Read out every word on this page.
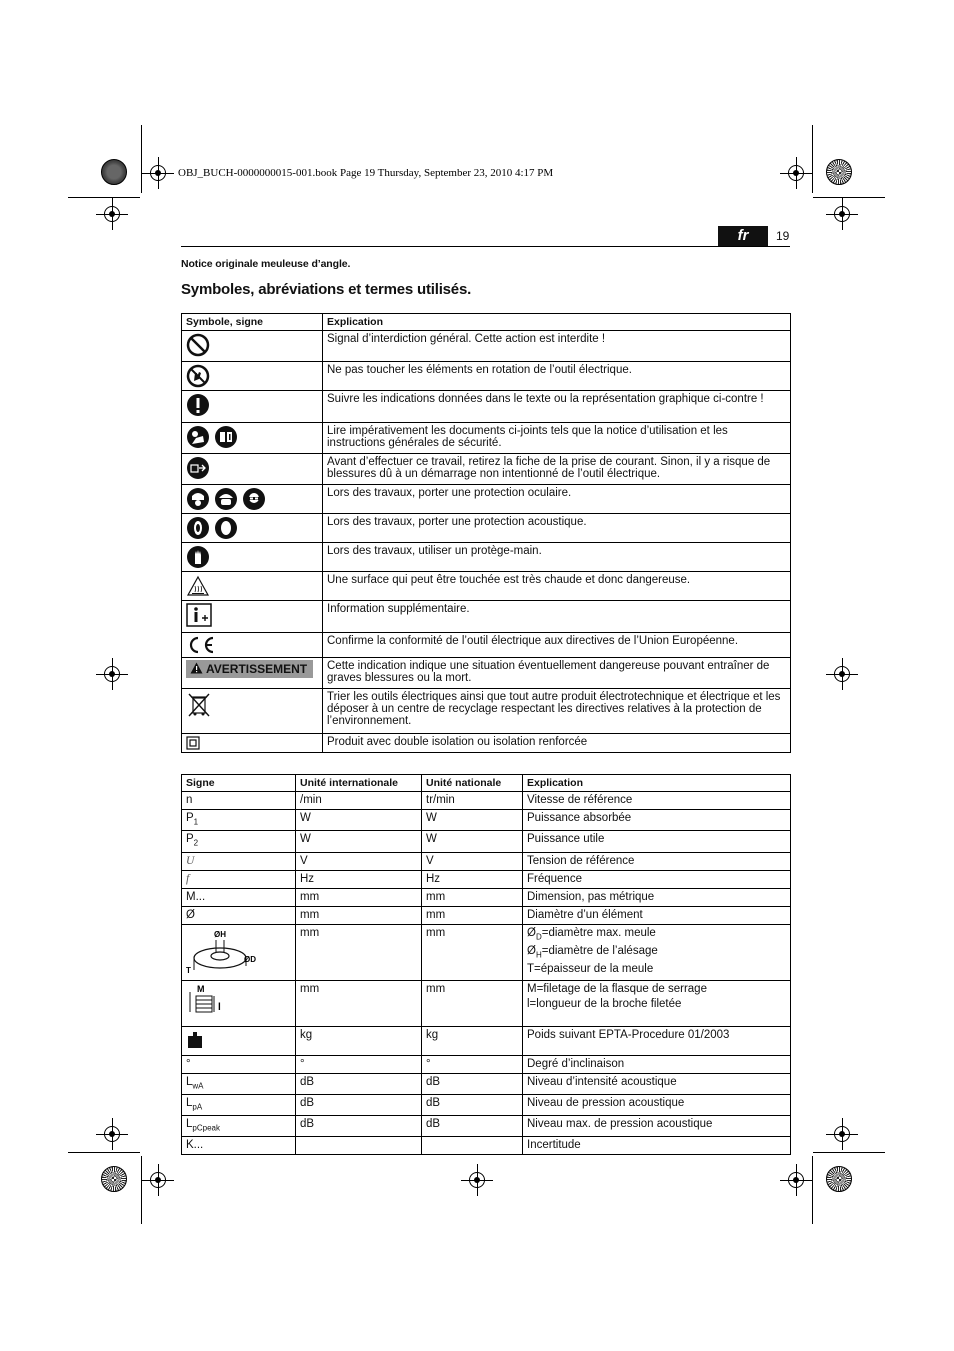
OBJ_BUCH-0000000015-001.book Page 19 Thursday, September 23, 2010 4:17 PM
fr	19
Notice originale meuleuse d’angle.
Symboles, abréviations et termes utilisés.
Symbole, signe	Explication

	Signal d’interdiction général. Cette action est interdite !

	Ne pas toucher les éléments en rotation de l’outil électrique.

	Suivre les indications données dans le texte ou la représentation graphique ci-contre !

	Lire impérativement les documents ci-joints tels que la notice d’utilisation et les instructions générales de sécurité.

	Avant d’effectuer ce travail, retirez la fiche de la prise de courant. Sinon, il y a risque de blessures dû à un démarrage non intentionné de l’outil électrique.

	Lors des travaux, porter une protection oculaire.

	Lors des travaux, porter une protection acoustique.

	Lors des travaux, utiliser un protège-main.

	Une surface qui peut être touchée est très chaude et donc dangereuse.

	Information supplémentaire.

	Confirme la conformité de l’outil électrique aux directives de l’Union Européenne.
AVERTISSEMENT	Cette indication indique une situation éventuellement dangereuse pouvant entraîner de graves blessures ou la mort.

	Trier les outils électriques ainsi que tout autre produit électrotechnique et électrique et les déposer à un centre de recyclage respectant les directives relatives à la protection de l’environnement.

	Produit avec double isolation ou isolation renforcée
Signe	Unité internationale	Unité nationale	Explication
n	/min	tr/min	Vitesse de référence
$P_1$	W	W	Puissance absorbée
$P_2$	W	W	Puissance utile
U	V	V	Tension de référence
f	Hz	Hz	Fréquence
M...	mm	mm	Dimension, pas métrique
Ø	mm	mm	Diamètre d’un élément

ØH
ØD
T	mm	mm	$Ø_D=diamètre$ max. meule
$Ø_H=diamètre$ de l’alésage
T=épaisseur de la meule

M
l	mm	mm	M=filetage de la flasque de serrage
l=longueur de la broche filetée
	kg	kg	Poids suivant EPTA-Procedure 01/2003
°	°	°	Degré d’inclinaison
$L_{wA}$	dB	dB	Niveau d’intensité acoustique
$L_{pA}$	dB	dB	Niveau de pression acoustique
$L_{pCpeak}$	dB	dB	Niveau max. de pression acoustique
K...			Incertitude
